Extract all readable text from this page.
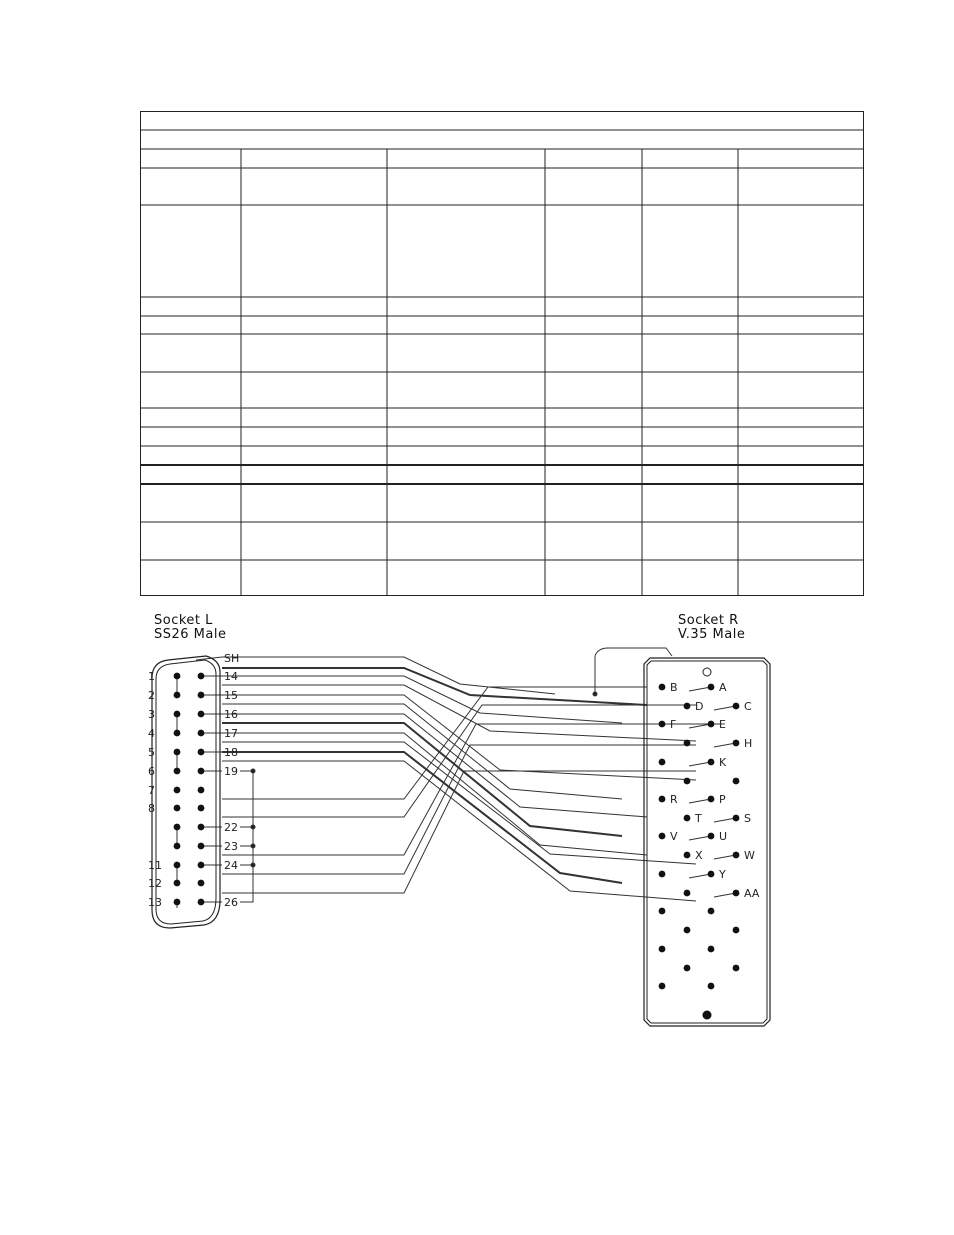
Socket L
SS26 Male
Socket R
V.35 Male
1
2
3
4
5
6
7
8
11
12
13
SH
14
15
16
17
18
19
22
23
24
26
B	A
D	C
F	E
H
K
R	P
T	S
V	U
X	W
Y
AA
